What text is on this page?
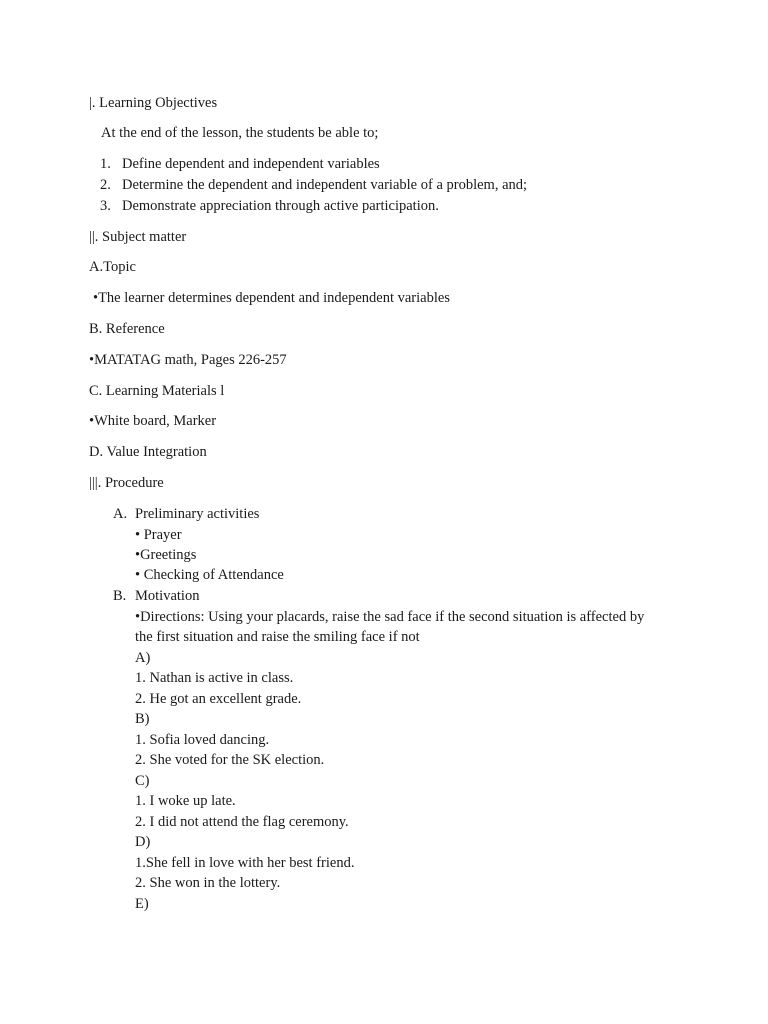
|. Learning Objectives
At the end of the lesson, the students be able to;
1. Define dependent and independent variables
2. Determine the dependent and independent variable of a problem, and;
3. Demonstrate appreciation through active participation.
||. Subject matter
A.Topic
•The learner determines dependent and independent variables
B. Reference
•MATATAG math, Pages 226-257
C. Learning Materials l
•White board, Marker
D. Value Integration
|||. Procedure
A. Preliminary activities
• Prayer
•Greetings
• Checking of Attendance
B. Motivation
•Directions: Using your placards, raise the sad face if the second situation is affected by
the first situation and raise the smiling face if not
A)
1. Nathan is active in class.
2. He got an excellent grade.
B)
1. Sofia loved dancing.
2. She voted for the SK election.
C)
1. I woke up late.
2. I did not attend the flag ceremony.
D)
1.She fell in love with her best friend.
2. She won in the lottery.
E)
